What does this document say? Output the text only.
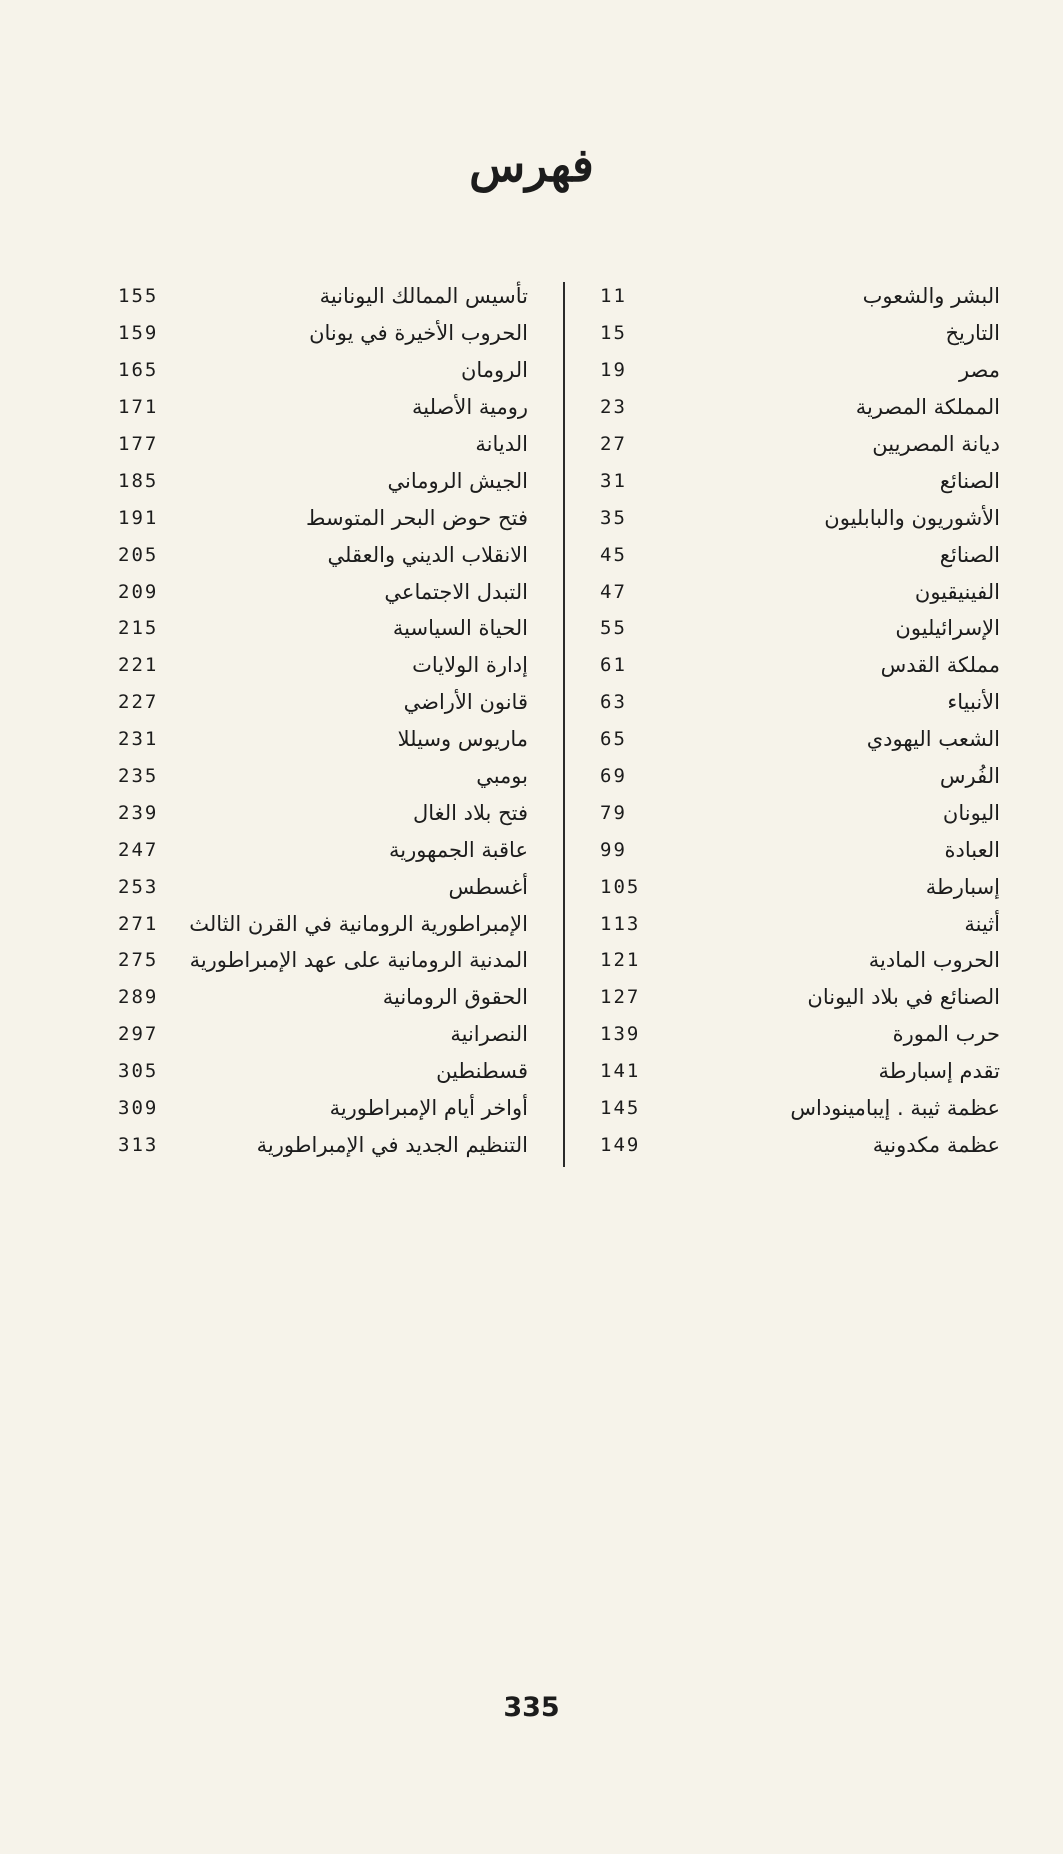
فهرس
11	البشر والشعوب
15	التاريخ
19	مصر
23	المملكة المصرية
27	ديانة المصريين
31	الصنائع
35	الأشوريون والبابليون
45	الصنائع
47	الفينيقيون
55	الإسرائيليون
61	مملكة القدس
63	الأنبياء
65	الشعب اليهودي
69	الفُرس
79	اليونان
99	العبادة
105	إسبارطة
113	أثينة
121	الحروب المادية
127	الصنائع في بلاد اليونان
139	حرب المورة
141	تقدم إسبارطة
145	عظمة ثيبة . إيبامينوداس
149	عظمة مكدونية
155	تأسيس الممالك اليونانية
159	الحروب الأخيرة في يونان
165	الرومان
171	رومية الأصلية
177	الديانة
185	الجيش الروماني
191	فتح حوض البحر المتوسط
205	الانقلاب الديني والعقلي
209	التبدل الاجتماعي
215	الحياة السياسية
221	إدارة الولايات
227	قانون الأراضي
231	ماريوس وسيللا
235	بومبي
239	فتح بلاد الغال
247	عاقبة الجمهورية
253	أغسطس
271	الإمبراطورية الرومانية في القرن الثالث
275	المدنية الرومانية على عهد الإمبراطورية
289	الحقوق الرومانية
297	النصرانية
305	قسطنطين
309	أواخر أيام الإمبراطورية
313	التنظيم الجديد في الإمبراطورية
335
